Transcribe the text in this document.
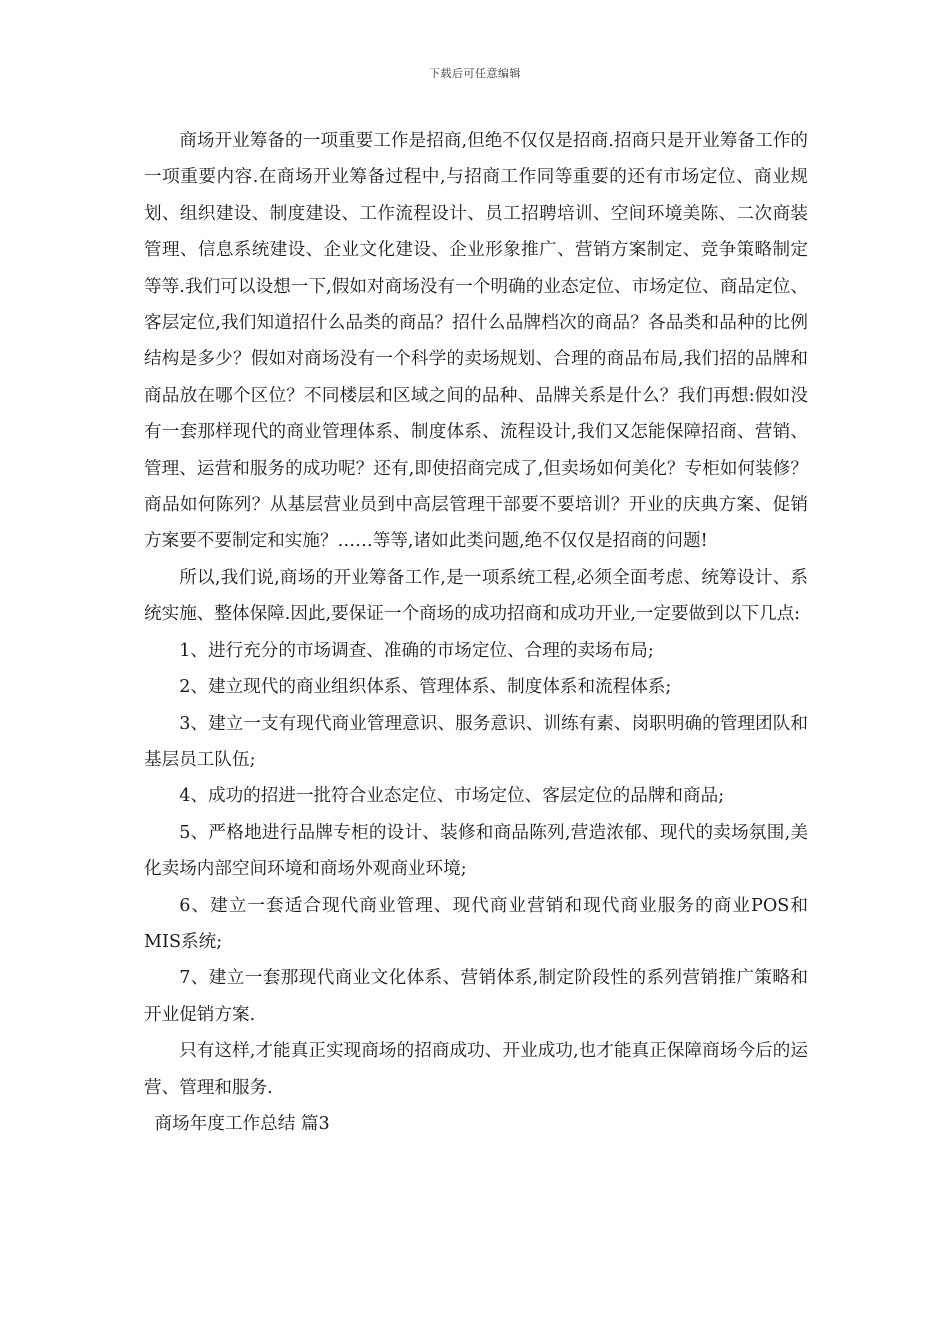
下载后可任意编辑

商场开业筹备的一项重要工作是招商,但绝不仅仅是招商.招商只是开业筹备工作的一项重要内容.在商场开业筹备过程中,与招商工作同等重要的还有市场定位、商业规划、组织建设、制度建设、工作流程设计、员工招聘培训、空间环境美陈、二次商装管理、信息系统建设、企业文化建设、企业形象推广、营销方案制定、竞争策略制定等等.我们可以设想一下,假如对商场没有一个明确的业态定位、市场定位、商品定位、客层定位,我们知道招什么品类的商品？招什么品牌档次的商品？各品类和品种的比例结构是多少？假如对商场没有一个科学的卖场规划、合理的商品布局,我们招的品牌和商品放在哪个区位？不同楼层和区域之间的品种、品牌关系是什么？我们再想:假如没有一套那样现代的商业管理体系、制度体系、流程设计,我们又怎能保障招商、营销、管理、运营和服务的成功呢？还有,即使招商完成了,但卖场如何美化？专柜如何装修？商品如何陈列？从基层营业员到中高层管理干部要不要培训？开业的庆典方案、促销方案要不要制定和实施？……等等,诸如此类问题,绝不仅仅是招商的问题!

所以,我们说,商场的开业筹备工作,是一项系统工程,必须全面考虑、统筹设计、系统实施、整体保障.因此,要保证一个商场的成功招商和成功开业,一定要做到以下几点:

1、进行充分的市场调查、准确的市场定位、合理的卖场布局;

2、建立现代的商业组织体系、管理体系、制度体系和流程体系;

3、建立一支有现代商业管理意识、服务意识、训练有素、岗职明确的管理团队和基层员工队伍;

4、成功的招进一批符合业态定位、市场定位、客层定位的品牌和商品;

5、严格地进行品牌专柜的设计、装修和商品陈列,营造浓郁、现代的卖场氛围,美化卖场内部空间环境和商场外观商业环境;

6、建立一套适合现代商业管理、现代商业营销和现代商业服务的商业POS和MIS系统;

7、建立一套那现代商业文化体系、营销体系,制定阶段性的系列营销推广策略和开业促销方案.

只有这样,才能真正实现商场的招商成功、开业成功,也才能真正保障商场今后的运营、管理和服务.

商场年度工作总结 篇3
